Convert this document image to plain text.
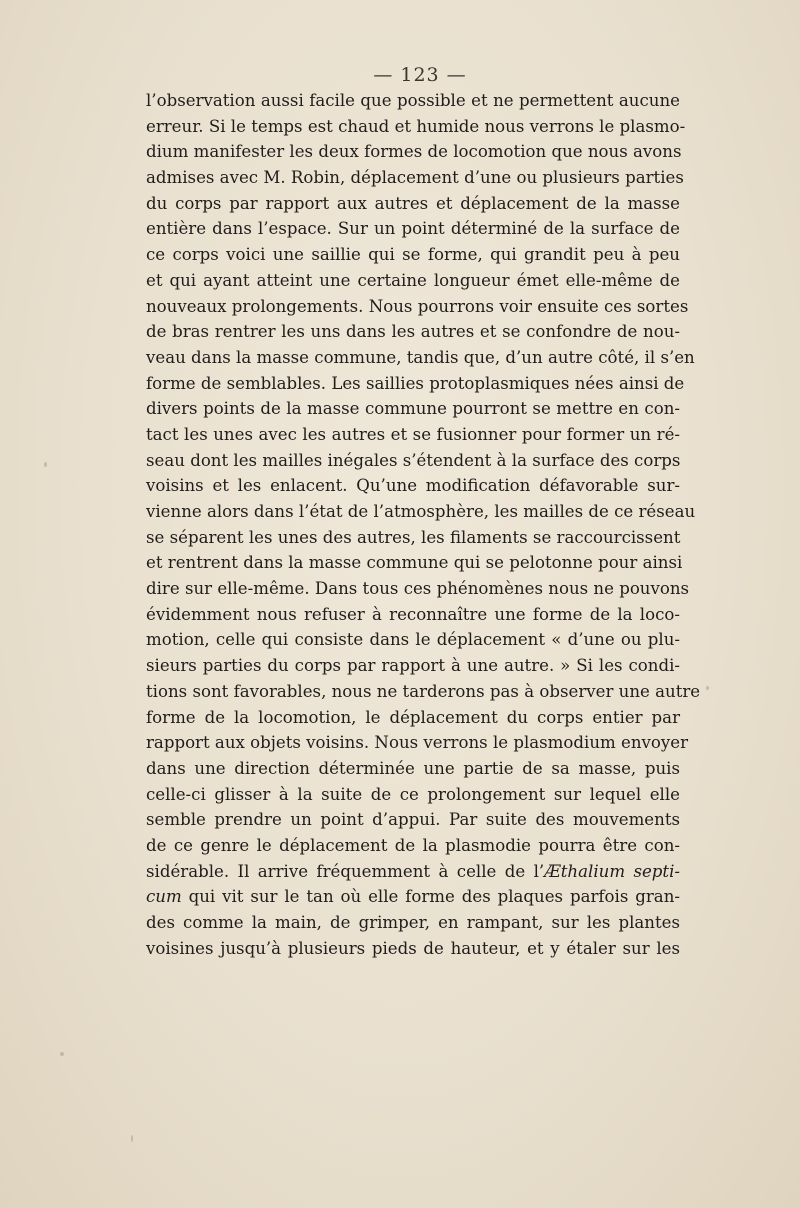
— 123 —
l’observation aussi facile que possible et ne permettent aucune
erreur. Si le temps est chaud et humide nous verrons le plasmo-
dium manifester les deux formes de locomotion que nous avons
admises avec M. Robin, déplacement d’une ou plusieurs parties
du corps par rapport aux autres et déplacement de la masse
entière dans l’espace. Sur un point déterminé de la surface de
ce corps voici une saillie qui se forme, qui grandit peu à peu
et qui ayant atteint une certaine longueur émet elle-même de
nouveaux prolongements. Nous pourrons voir ensuite ces sortes
de bras rentrer les uns dans les autres et se confondre de nou-
veau dans la masse commune, tandis que, d’un autre côté, il s’en
forme de semblables. Les saillies protoplasmiques nées ainsi de
divers points de la masse commune pourront se mettre en con-
tact les unes avec les autres et se fusionner pour former un ré-
seau dont les mailles inégales s’étendent à la surface des corps
voisins et les enlacent. Qu’une modification défavorable sur-
vienne alors dans l’état de l’atmosphère, les mailles de ce réseau
se séparent les unes des autres, les filaments se raccourcissent
et rentrent dans la masse commune qui se pelotonne pour ainsi
dire sur elle-même. Dans tous ces phénomènes nous ne pouvons
évidemment nous refuser à reconnaître une forme de la loco-
motion, celle qui consiste dans le déplacement « d’une ou plu-
sieurs parties du corps par rapport à une autre. » Si les condi-
tions sont favorables, nous ne tarderons pas à observer une autre
forme de la locomotion, le déplacement du corps entier par
rapport aux objets voisins. Nous verrons le plasmodium envoyer
dans une direction déterminée une partie de sa masse, puis
celle-ci glisser à la suite de ce prolongement sur lequel elle
semble prendre un point d’appui. Par suite des mouvements
de ce genre le déplacement de la plasmodie pourra être con-
sidérable. Il arrive fréquemment à celle de l’Æthalium septi-
cum qui vit sur le tan où elle forme des plaques parfois gran-
des comme la main, de grimper, en rampant, sur les plantes
voisines jusqu’à plusieurs pieds de hauteur, et y étaler sur les
